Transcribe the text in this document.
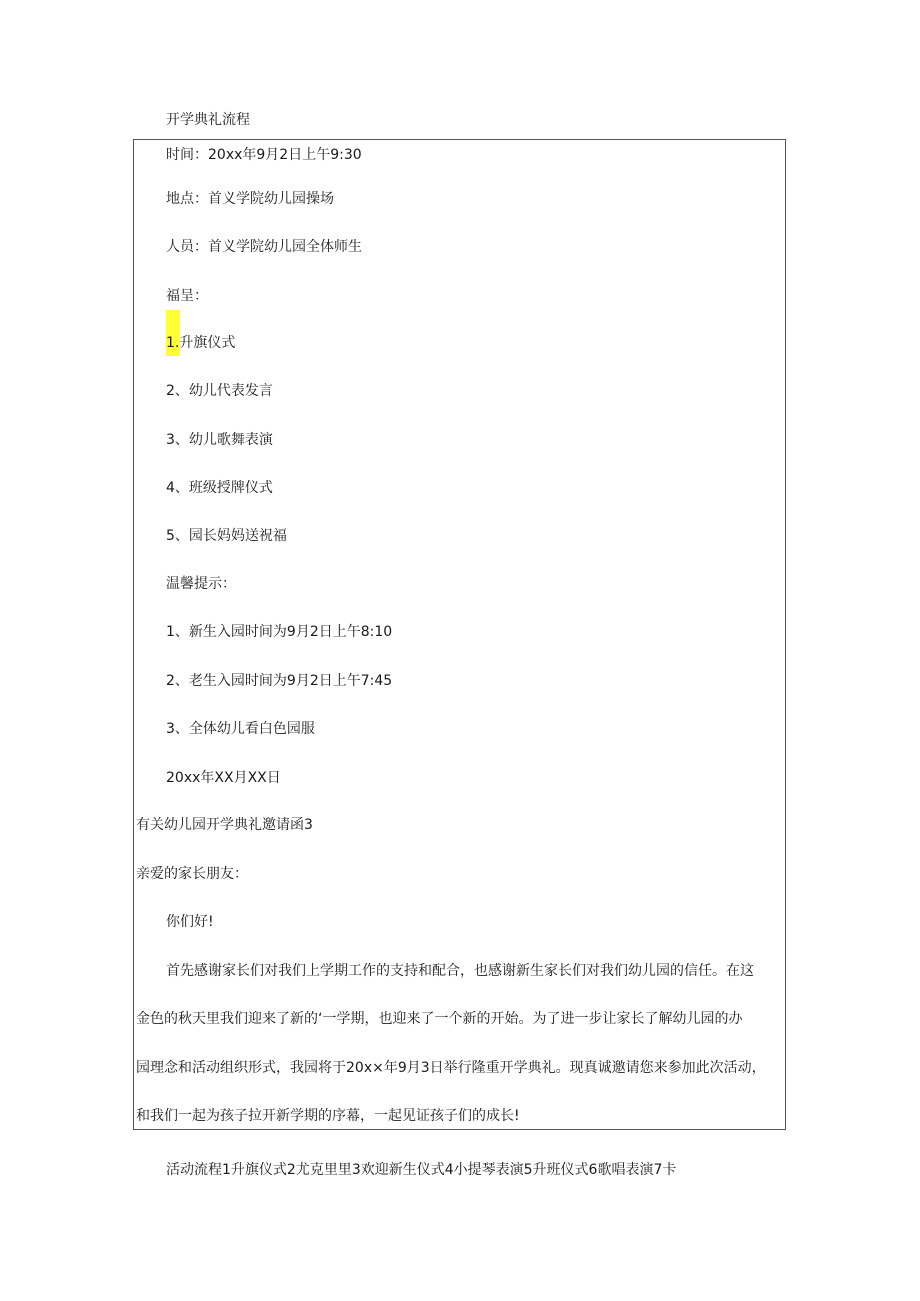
开学典礼流程
时间：20xx年9月2日上午9:30
地点：首义学院幼儿园操场
人员：首义学院幼儿园全体师生
福呈：
1.升旗仪式
2、幼儿代表发言
3、幼儿歌舞表演
4、班级授牌仪式
5、园长妈妈送祝福
温馨提示：
1、新生入园时间为9月2日上午8:10
2、老生入园时间为9月2日上午7:45
3、全体幼儿看白色园服
20xx年XX月XX日
有关幼儿园开学典礼邀请函3
亲爱的家长朋友：
你们好!
首先感谢家长们对我们上学期工作的支持和配合，也感谢新生家长们对我们幼儿园的信任。在这
金色的秋天里我们迎来了新的‘一学期，也迎来了一个新的开始。为了进一步让家长了解幼儿园的办
园理念和活动组织形式，我园将于20x×年9月3日举行隆重开学典礼。现真诚邀请您来参加此次活动，
和我们一起为孩子拉开新学期的序幕，一起见证孩子们的成长!
活动流程1升旗仪式2尤克里里3欢迎新生仪式4小提琴表演5升班仪式6歌唱表演7卡
